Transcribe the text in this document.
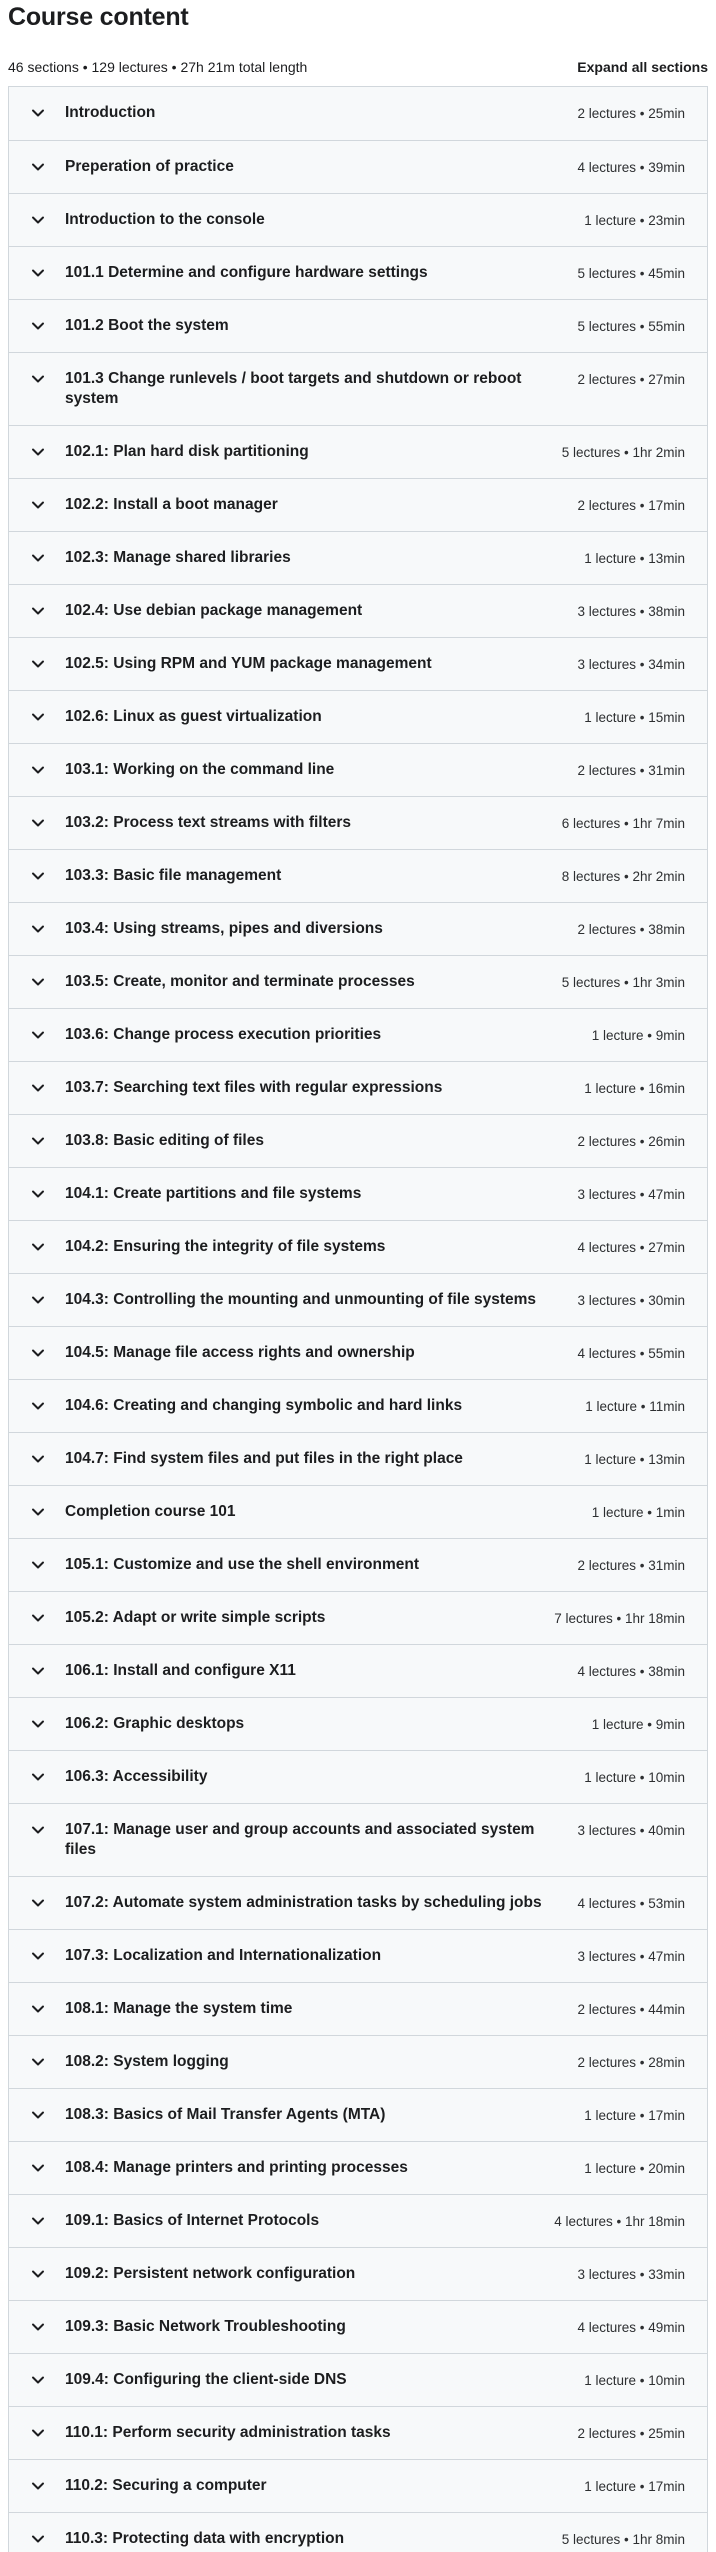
Course content
46 sections • 129 lectures • 27h 21m total length	Expand all sections
Introduction	2 lectures • 25min
Preperation of practice	4 lectures • 39min
Introduction to the console	1 lecture • 23min
101.1 Determine and configure hardware settings	5 lectures • 45min
101.2 Boot the system	5 lectures • 55min
101.3 Change runlevels / boot targets and shutdown or reboot system
2 lectures • 27min
102.1: Plan hard disk partitioning	5 lectures • 1hr 2min
102.2: Install a boot manager	2 lectures • 17min
102.3: Manage shared libraries	1 lecture • 13min
102.4: Use debian package management	3 lectures • 38min
102.5: Using RPM and YUM package management	3 lectures • 34min
102.6: Linux as guest virtualization	1 lecture • 15min
103.1: Working on the command line	2 lectures • 31min
103.2: Process text streams with filters	6 lectures • 1hr 7min
103.3: Basic file management	8 lectures • 2hr 2min
103.4: Using streams, pipes and diversions	2 lectures • 38min
103.5: Create, monitor and terminate processes	5 lectures • 1hr 3min
103.6: Change process execution priorities	1 lecture • 9min
103.7: Searching text files with regular expressions	1 lecture • 16min
103.8: Basic editing of files	2 lectures • 26min
104.1: Create partitions and file systems	3 lectures • 47min
104.2: Ensuring the integrity of file systems	4 lectures • 27min
104.3: Controlling the mounting and unmounting of file systems	3 lectures • 30min
104.5: Manage file access rights and ownership	4 lectures • 55min
104.6: Creating and changing symbolic and hard links	1 lecture • 11min
104.7: Find system files and put files in the right place	1 lecture • 13min
Completion course 101	1 lecture • 1min
105.1: Customize and use the shell environment	2 lectures • 31min
105.2: Adapt or write simple scripts	7 lectures • 1hr 18min
106.1: Install and configure X11	4 lectures • 38min
106.2: Graphic desktops	1 lecture • 9min
106.3: Accessibility	1 lecture • 10min
107.1: Manage user and group accounts and associated system files
3 lectures • 40min
107.2: Automate system administration tasks by scheduling jobs	4 lectures • 53min
107.3: Localization and Internationalization	3 lectures • 47min
108.1: Manage the system time	2 lectures • 44min
108.2: System logging	2 lectures • 28min
108.3: Basics of Mail Transfer Agents (MTA)	1 lecture • 17min
108.4: Manage printers and printing processes	1 lecture • 20min
109.1: Basics of Internet Protocols	4 lectures • 1hr 18min
109.2: Persistent network configuration	3 lectures • 33min
109.3: Basic Network Troubleshooting	4 lectures • 49min
109.4: Configuring the client-side DNS	1 lecture • 10min
110.1: Perform security administration tasks	2 lectures • 25min
110.2: Securing a computer	1 lecture • 17min
110.3: Protecting data with encryption	5 lectures • 1hr 8min
